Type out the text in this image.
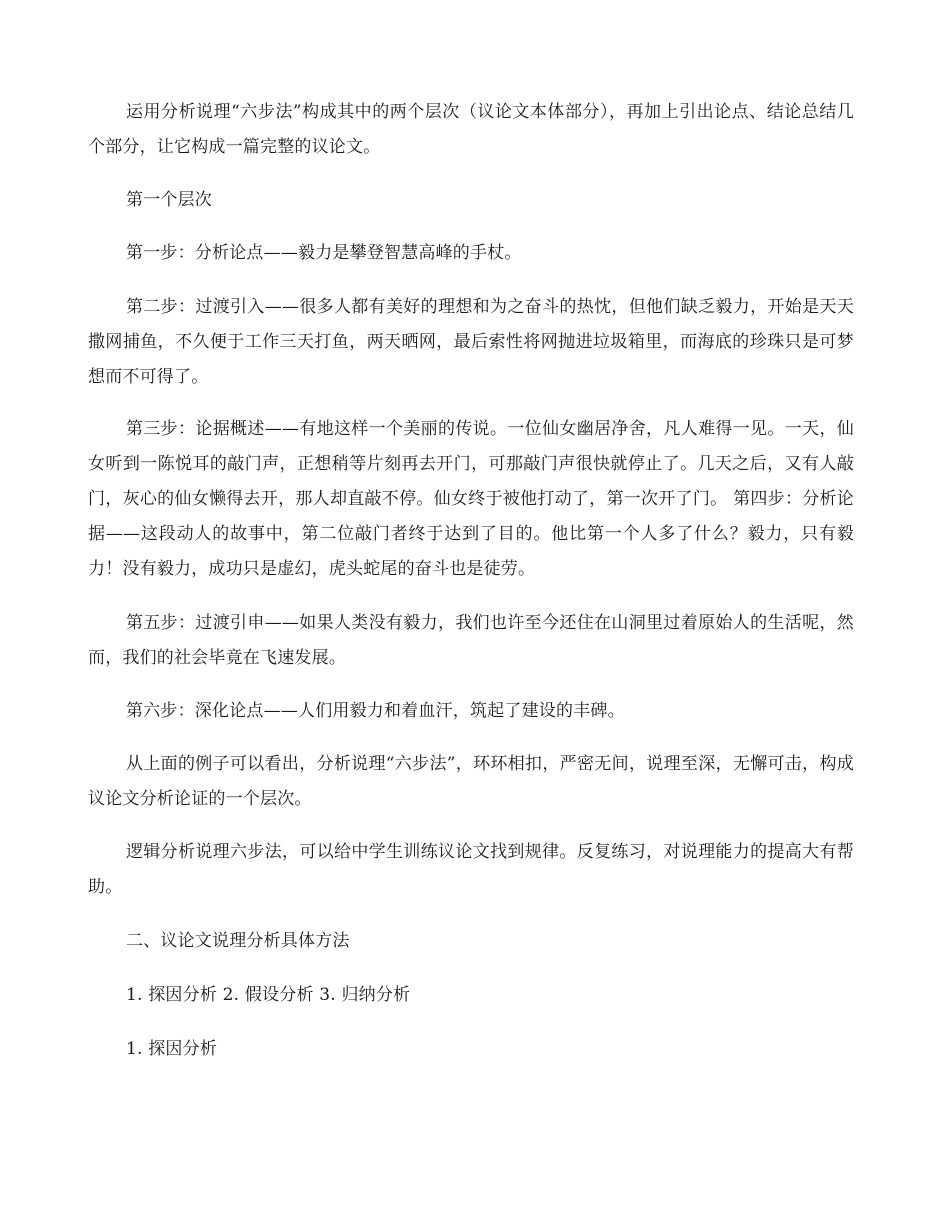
运用分析说理“六步法”构成其中的两个层次（议论文本体部分），再加上引出论点、结论总结几个部分，让它构成一篇完整的议论文。

第一个层次

第一步：分析论点——毅力是攀登智慧高峰的手杖。

第二步：过渡引入——很多人都有美好的理想和为之奋斗的热忱，但他们缺乏毅力，开始是天天撒网捕鱼，不久便于工作三天打鱼，两天晒网，最后索性将网抛进垃圾箱里，而海底的珍珠只是可梦想而不可得了。

第三步：论据概述——有地这样一个美丽的传说。一位仙女幽居净舍，凡人难得一见。一天，仙女听到一陈悦耳的敲门声，正想稍等片刻再去开门，可那敲门声很快就停止了。几天之后，又有人敲门，灰心的仙女懒得去开，那人却直敲不停。仙女终于被他打动了，第一次开了门。 第四步：分析论据——这段动人的故事中，第二位敲门者终于达到了目的。他比第一个人多了什么？毅力，只有毅力！没有毅力，成功只是虚幻，虎头蛇尾的奋斗也是徒劳。

第五步：过渡引申——如果人类没有毅力，我们也许至今还住在山洞里过着原始人的生活呢，然而，我们的社会毕竟在飞速发展。

第六步：深化论点——人们用毅力和着血汗，筑起了建设的丰碑。

从上面的例子可以看出，分析说理“六步法”，环环相扣，严密无间，说理至深，无懈可击，构成议论文分析论证的一个层次。

逻辑分析说理六步法，可以给中学生训练议论文找到规律。反复练习，对说理能力的提高大有帮助。

二、议论文说理分析具体方法

1. 探因分析 2. 假设分析 3. 归纳分析

1. 探因分析
